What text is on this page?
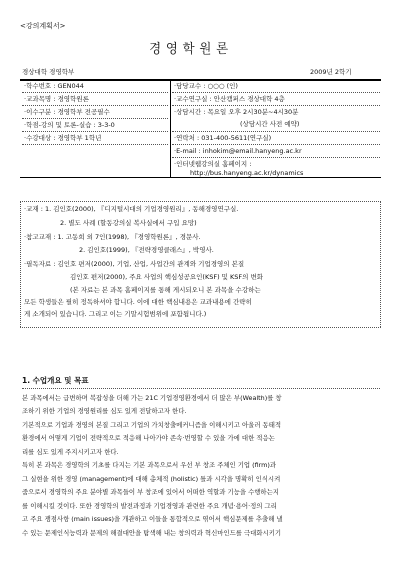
<강의계획서>
경영학원론
경상대학 경영학부	2009년 2학기
·학수번호 : GEN044
·교과목명 : 경영학원론
·이수구분 : 경영학부 전공필수
·학점-강의 및 토론-실습 : 3-3-0
·수강대상 : 경영학부 1학년
·담당교수 : ○○○ (인)
·교수연구실 : 안산캠퍼스 경상대학 4층
·상담시간 : 목요일 오후 2시30분~4시30분
(상담시간 사전 예약)
·연락처 : 031-400-5611(연구실)
·E-mail : inhokim@email.hanyeng.ac.kr
·인터넷웹강의실 홈페이지 :
http://bus.hanyeng.ac.kr/dynamics
·교재 : 1. 김인호(2000), 『디지털시대의 기업경영원리』, 동해경영연구실.
2. 별도 사례 (할동강의실 복사실에서 구입 요망)
·참고교재 : 1. 고동희 외 7인(1998), 『경영학원론』, 경문사.
2. 김인호(1999), 『전략경영클래스』, 박영사.
·필독자료 : 김인호 편저(2000), 기업, 산업, 사업간의 관계와 기업경영의 본질
김인호 편저(2000), 주요 사업의 핵심성공요인(KSF) 및 KSF의 변화
(본 자료는 본 과목 홈페이지를 통해 게시되오니 본 과목을 수강하는
모든 학생들은 필히 정독하셔야 합니다. 이에 대한 핵심내용은 교과내용에 간략히
게 소개되어 있습니다. 그리고 이는 기말시험범위에 포함됩니다.)
1. 수업개요 및 목표
본 과목에서는 급변하며 복잡성을 더해 가는 21C 기업경영환경에서 더 많은 부(Wealth)를 창
조하기 위한 기업의 경영원리를 심도 있게 전달하고자 한다.
기본적으로 기업과 경영의 본질 그리고 기업의 가치창출메커니즘을 이해시키고 아울러 동태적
환경에서 어떻게 기업이 전략적으로 적응해 나아가야 존속·번영할 수 있을 가에 대한 적응논
리를 심도 있게 주지시키고자 한다.
특히 본 과목은 경영학의 기초를 다지는 기본 과목으로서 우선 부 창조 주체인 기업 (firm)과
그 실현을 위한 경영 (management)에 대해 총체적 (holistic) 틀과 시각을 명확히 인식시켜
줌으로서 경영학의 주요 분야별 과목들이 부 창조에 있어서 어떠한 역할과 기능을 수행하는지
를 이해시킬 것이다. 또한 경영학의 발전과정과 기업경영과 관련한 주요 개념·용어·정의 그리
고 주요 쟁점사항 (main issues)을 개관하고 이들을 통합적으로 엮어서 핵심문제를 추출해 낼
수 있는 문제인식능력과 문제의 해결대안을 탐색해 내는 창의력과 혁신마인드를 극대화시키기
